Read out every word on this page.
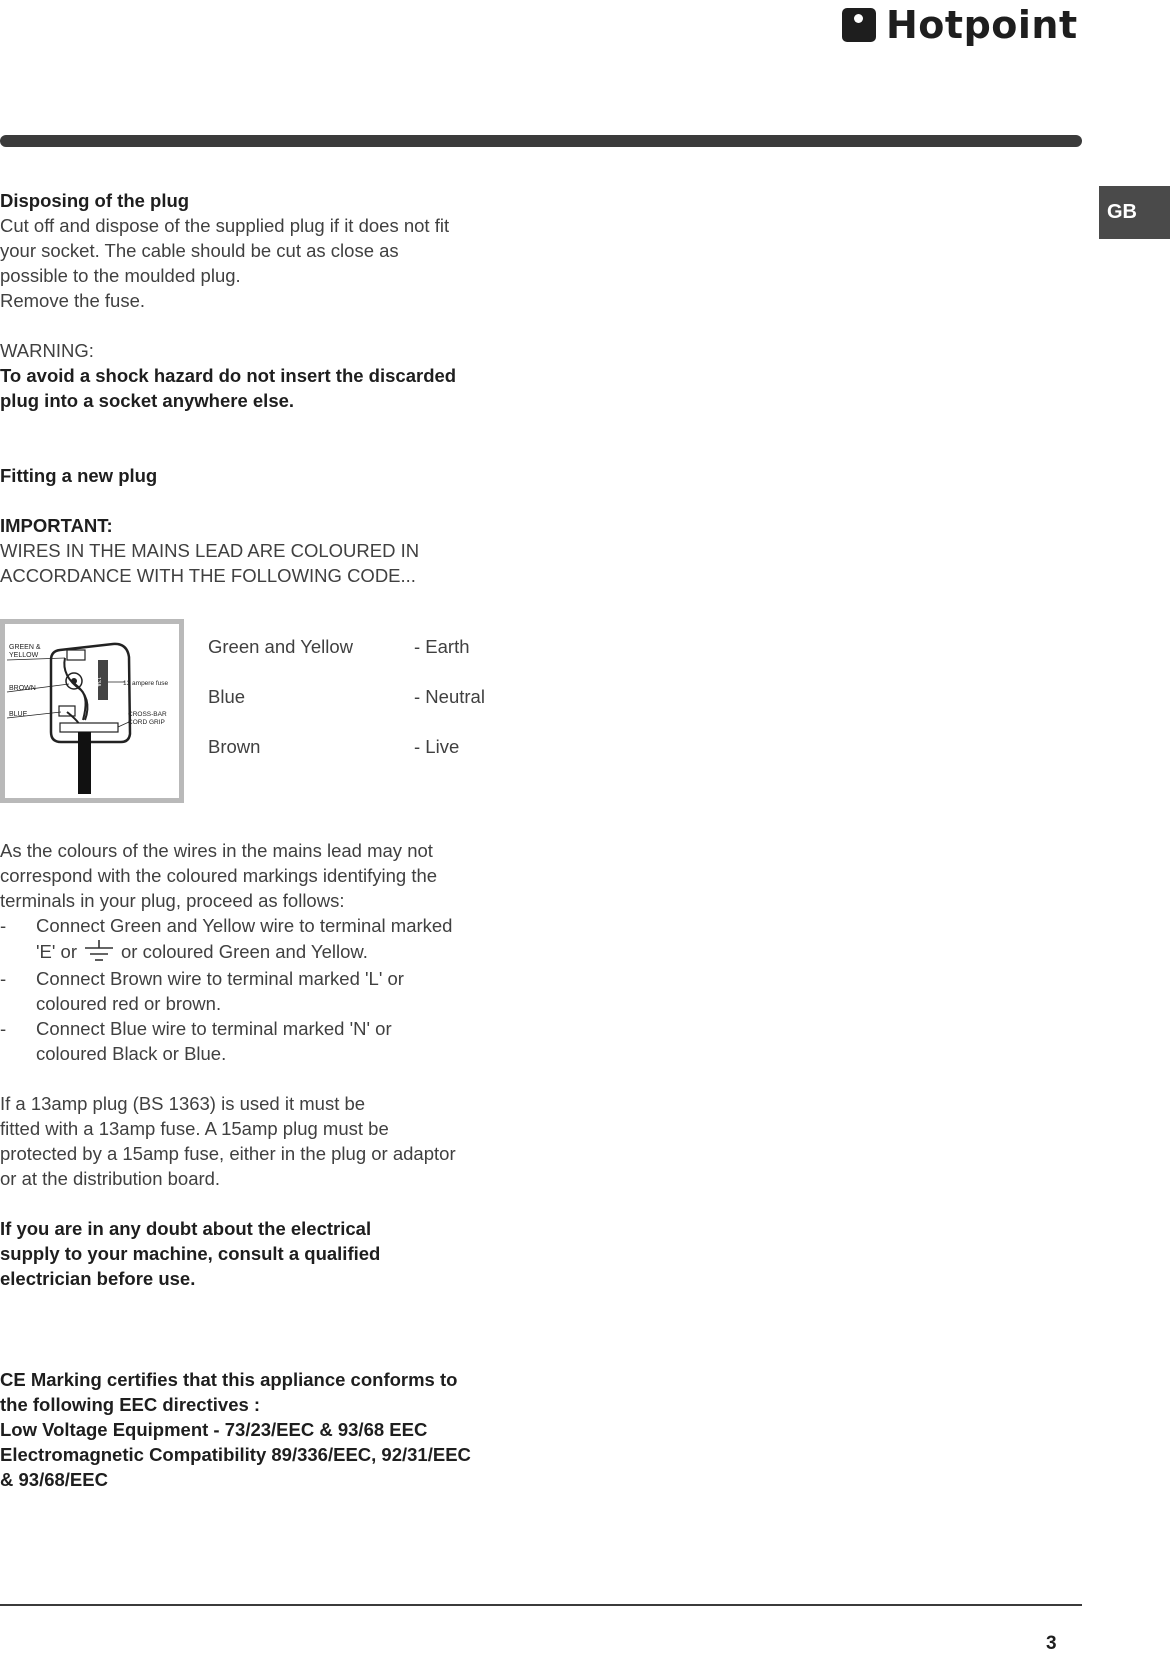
Hotpoint
GB

Disposing of the plug

Cut off and dispose of the supplied plug if it does not fit

your socket. The cable should be cut as close as

possible to the moulded plug.

Remove the fuse.

WARNING:

To avoid a shock hazard do not insert the discarded

plug into a socket anywhere else.

Fitting a new plug

IMPORTANT:

WIRES IN THE MAINS LEAD ARE COLOURED IN

ACCORDANCE WITH THE FOLLOWING CODE...

13A
GREEN &
YELLOW
BROWN
BLUE
13 ampere fuse
CROSS-BAR
CORD GRIP
Green and Yellow	- Earth
Blue	- Neutral
Brown	- Live

As the colours of the wires in the mains lead may not

correspond with the coloured markings identifying the

terminals in your plug, proceed as follows:

-	Connect Green and Yellow wire to terminal marked

'E' or or coloured Green and Yellow.

-	Connect Brown wire to terminal marked 'L' or

coloured red or brown.

-	Connect Blue wire to terminal marked 'N' or

coloured Black or Blue.

If a 13amp plug (BS 1363) is used it must be

fitted with a 13amp fuse. A 15amp plug must be

protected by a 15amp fuse, either in the plug or adaptor

or at the distribution board.

If you are in any doubt about the electrical

supply to your machine, consult a qualified

electrician before use.

CE Marking certifies that this appliance conforms to

the following EEC directives :

Low Voltage Equipment - 73/23/EEC & 93/68 EEC

Electromagnetic Compatibility 89/336/EEC, 92/31/EEC

& 93/68/EEC

3
